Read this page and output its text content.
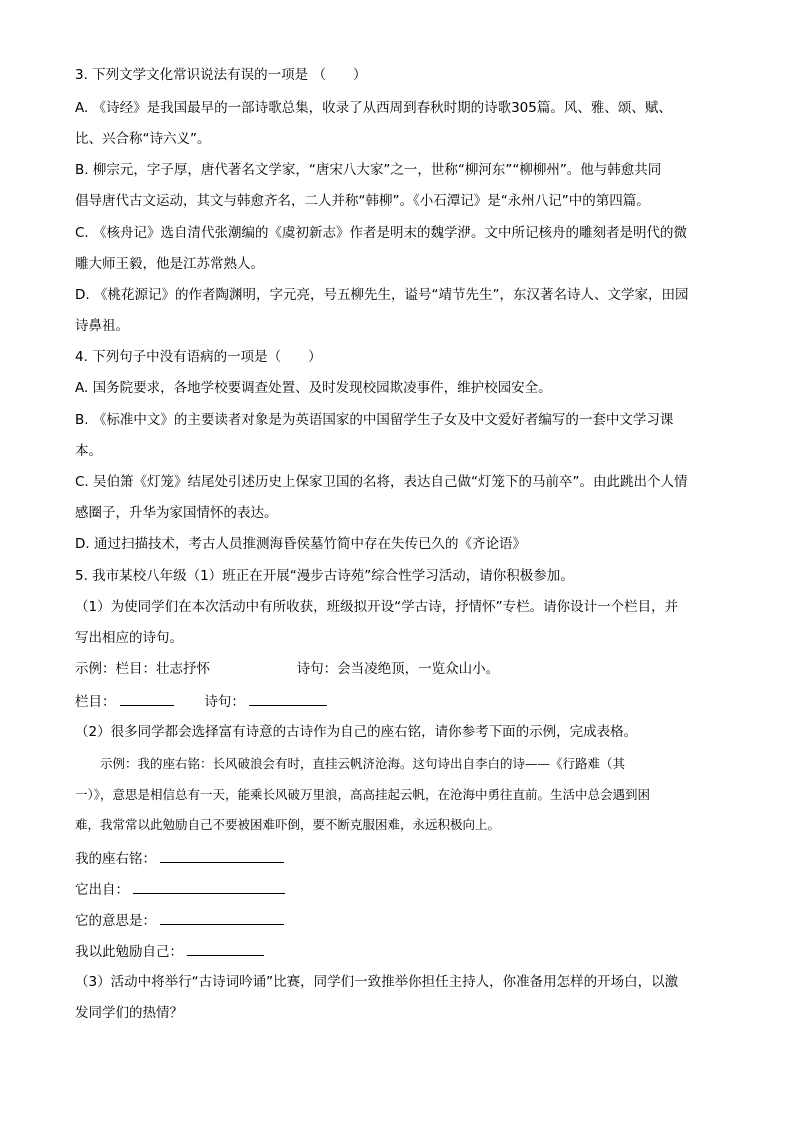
3. 下列文学文化常识说法有误的一项是 （　　）
A. 《诗经》是我国最早的一部诗歌总集，收录了从西周到春秋时期的诗歌305篇。风、雅、颂、赋、
比、兴合称“诗六义”。
B. 柳宗元，字子厚，唐代著名文学家，“唐宋八大家”之一，世称“柳河东”“柳柳州”。他与韩愈共同
倡导唐代古文运动，其文与韩愈齐名，二人并称“韩柳”。《小石潭记》是“永州八记”中的第四篇。
C. 《核舟记》选自清代张潮编的《虞初新志》作者是明末的魏学洢。文中所记核舟的雕刻者是明代的微
雕大师王毅，他是江苏常熟人。
D. 《桃花源记》的作者陶渊明，字元亮，号五柳先生，谥号“靖节先生”，东汉著名诗人、文学家，田园
诗鼻祖。
4. 下列句子中没有语病的一项是（　　）
A. 国务院要求，各地学校要调查处置、及时发现校园欺凌事件，维护校园安全。
B. 《标准中文》的主要读者对象是为英语国家的中国留学生子女及中文爱好者编写的一套中文学习课
本。
C. 吴伯箫《灯笼》结尾处引述历史上保家卫国的名将，表达自己做“灯笼下的马前卒”。由此跳出个人情
感圈子，升华为家国情怀的表达。
D. 通过扫描技术，考古人员推测海昏侯墓竹简中存在失传已久的《齐论语》
5. 我市某校八年级（1）班正在开展“漫步古诗苑”综合性学习活动，请你积极参加。
（1）为使同学们在本次活动中有所收获，班级拟开设“学古诗，抒情怀”专栏。请你设计一个栏目，并
写出相应的诗句。
示例：栏目：壮志抒怀	诗句：会当凌绝顶，一览众山小。
栏目：	诗句：
（2）很多同学都会选择富有诗意的古诗作为自己的座右铭，请你参考下面的示例，完成表格。
示例：我的座右铭：长风破浪会有时，直挂云帆济沧海。这句诗出自李白的诗——《行路难（其
一）》，意思是相信总有一天，能乘长风破万里浪，高高挂起云帆，在沧海中勇往直前。生活中总会遇到困
难，我常常以此勉励自己不要被困难吓倒，要不断克服困难，永远积极向上。
我的座右铭：
它出自：
它的意思是：
我以此勉励自己：
（3）活动中将举行“古诗词吟诵”比赛，同学们一致推举你担任主持人，你准备用怎样的开场白，以激
发同学们的热情？
